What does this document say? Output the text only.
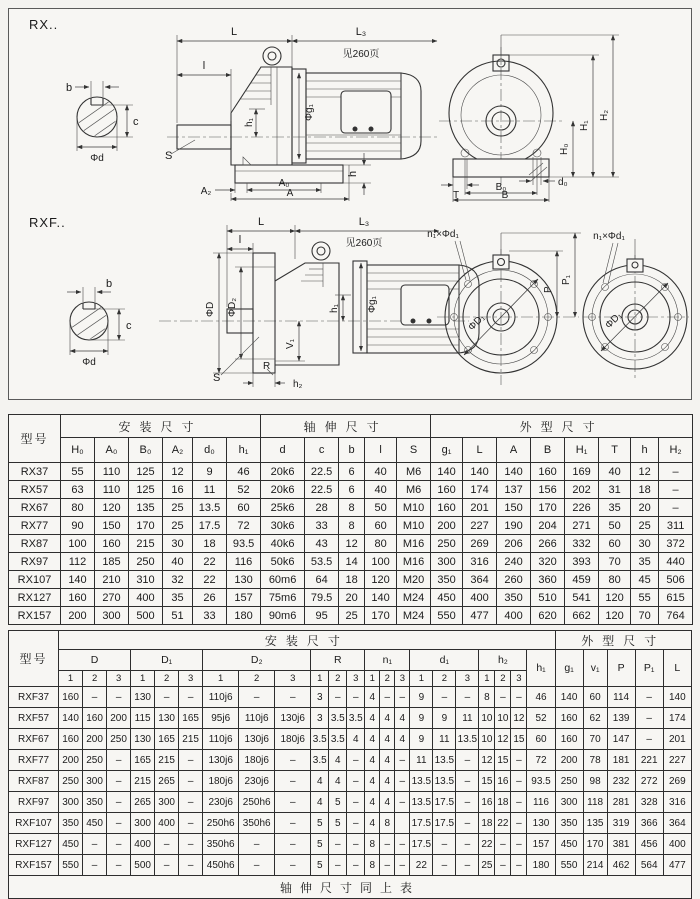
RX..
b
c
Φd	S
h
h₁
Φg₁
L	L₃
见260页
l
A₂
A₀
A
H₀
H₁
H₂
T
d₀
B₀
B
RXF..
b
c
Φd
ΦD ΦD₂
l
L	L₃
见260页
h₁	Φg₁
V₁
S
R
h₂
n₁×Φd₁
ΦD₁
P
P₁
n₁×Φd₁
ΦD₁
型号	安装尺寸						轴伸尺寸					外型尺寸							
	H₀	A₀	B₀	A₂	d₀	h₁	d	c	b	l	S	g₁	L	A	B	H₁	T	h	H₂
RX37	55	110	125	12	9	46	20k6	22.5	6	40	M6	140	140	140	160	169	40	12	–
RX57	63	110	125	16	11	52	20k6	22.5	6	40	M6	160	174	137	156	202	31	18	–
RX67	80	120	135	25	13.5	60	25k6	28	8	50	M10	160	201	150	170	226	35	20	–
RX77	90	150	170	25	17.5	72	30k6	33	8	60	M10	200	227	190	204	271	50	25	311
RX87	100	160	215	30	18	93.5	40k6	43	12	80	M16	250	269	206	266	332	60	30	372
RX97	112	185	250	40	22	116	50k6	53.5	14	100	M16	300	316	240	320	393	70	35	440
RX107	140	210	310	32	22	130	60m6	64	18	120	M20	350	364	260	360	459	80	45	506
RX127	160	270	400	35	26	157	75m6	79.5	20	140	M24	450	400	350	510	541	120	55	615
RX157	200	300	500	51	33	180	90m6	95	25	170	M24	550	477	400	620	662	120	70	764
型号	安装尺寸																						外型尺寸				
	D			D₁			D₂			R			n₁			d₁			h₂			h₁	g₁	v₁	P	P₁	L
	1	2	3	1	2	3	1	2	3	1	2	3	1	2	3	1	2	3	1	2	3						
RXF37	160	–	–	130	–	–	110j6	–	–	3	–	–	4	–	–	9	–	–	8	–	–	46	140	60	114	–	140
RXF57	140	160	200	115	130	165	95j6	110j6	130j6	3	3.5	3.5	4	4	4	9	9	11	10	10	12	52	160	62	139	–	174
RXF67	160	200	250	130	165	215	110j6	130j6	180j6	3.5	3.5	4	4	4	4	9	11	13.5	10	12	15	60	160	70	147	–	201
RXF77	200	250	–	165	215	–	130j6	180j6	–	3.5	4	–	4	4	–	11	13.5	–	12	15	–	72	200	78	181	221	227
RXF87	250	300	–	215	265	–	180j6	230j6	–	4	4	–	4	4	–	13.5	13.5	–	15	16	–	93.5	250	98	232	272	269
RXF97	300	350	–	265	300	–	230j6	250h6	–	4	5	–	4	4	–	13.5	17.5	–	16	18	–	116	300	118	281	328	316
RXF107	350	450	–	300	400	–	250h6	350h6	–	5	5	–	4	8		17.5	17.5	–	18	22	–	130	350	135	319	366	364
RXF127	450	–	–	400	–	–	350h6	–	–	5	–	–	8	–	–	17.5	–	–	22	–	–	157	450	170	381	456	400
RXF157	550	–	–	500	–	–	450h6	–	–	5	–	–	8	–	–	22	–	–	25	–	–	180	550	214	462	564	477
轴伸尺寸同上表																											
